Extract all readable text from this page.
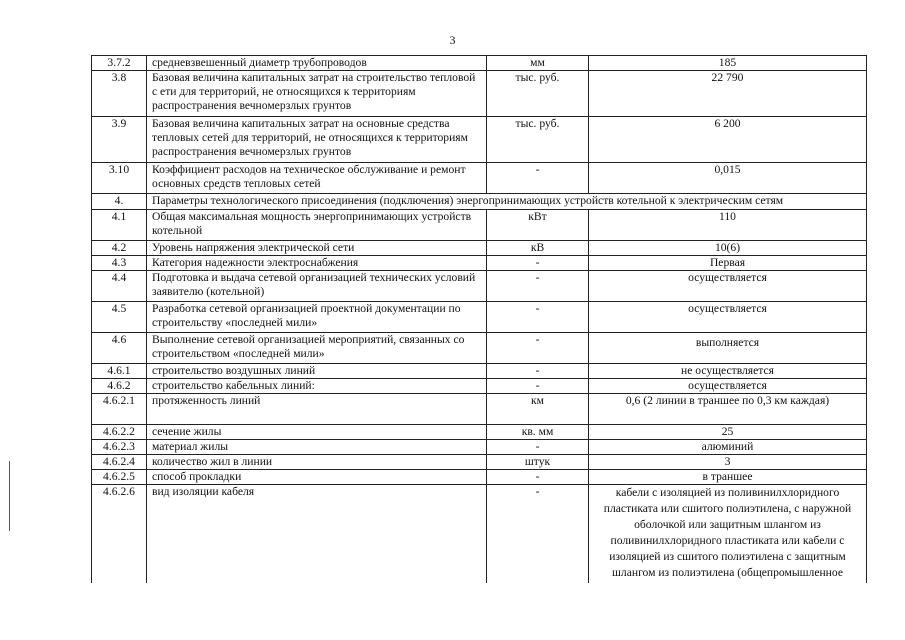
3
3.7.2	средневзвешенный диаметр трубопроводов	мм	185
3.8	Базовая величина капитальных затрат на строительство тепловой с ети для территорий, не относящихся к территориям распространения вечномерзлых грунтов	тыс. руб.	22 790
3.9	Базовая величина капитальных затрат на основные средства тепловых сетей для территорий, не относящихся к территориям распространения вечномерзлых грунтов	тыс. руб.	6 200
3.10	Коэффициент расходов на техническое обслуживание и ремонт основных средств тепловых сетей	-	0,015
4.	Параметры технологического присоединения (подключения) энергопринимающих устройств котельной к электрическим сетям		
4.1	Общая максимальная мощность энергопринимающих устройств котельной	кВт	110
4.2	Уровень напряжения электрической сети	кВ	10(6)
4.3	Категория надежности электроснабжения	-	Первая
4.4	Подготовка и выдача сетевой организацией технических условий заявителю (котельной)	-	осуществляется
4.5	Разработка сетевой организацией проектной документации по строительству «последней мили»	-	осуществляется
4.6	Выполнение сетевой организацией мероприятий, связанных со строительством «последней мили»	-	выполняется
4.6.1	строительство воздушных линий	-	не осуществляется
4.6.2	строительство кабельных линий:	-	осуществляется
4.6.2.1	протяженность линий	км	0,6 (2 линии в траншее по 0,3 км каждая)
4.6.2.2	сечение жилы	кв. мм	25
4.6.2.3	материал жилы	-	алюминий
4.6.2.4	количество жил в линии	штук	3
4.6.2.5	способ прокладки	-	в траншее
4.6.2.6	вид изоляции кабеля	-	кабели с изоляцией из поливинилхлоридного пластиката или сшитого полиэтилена, с наружной оболочкой или защитным шлангом из поливинилхлоридного пластиката или кабели с изоляцией из сшитого полиэтилена с защитным шлангом из полиэтилена (общепромышленное
